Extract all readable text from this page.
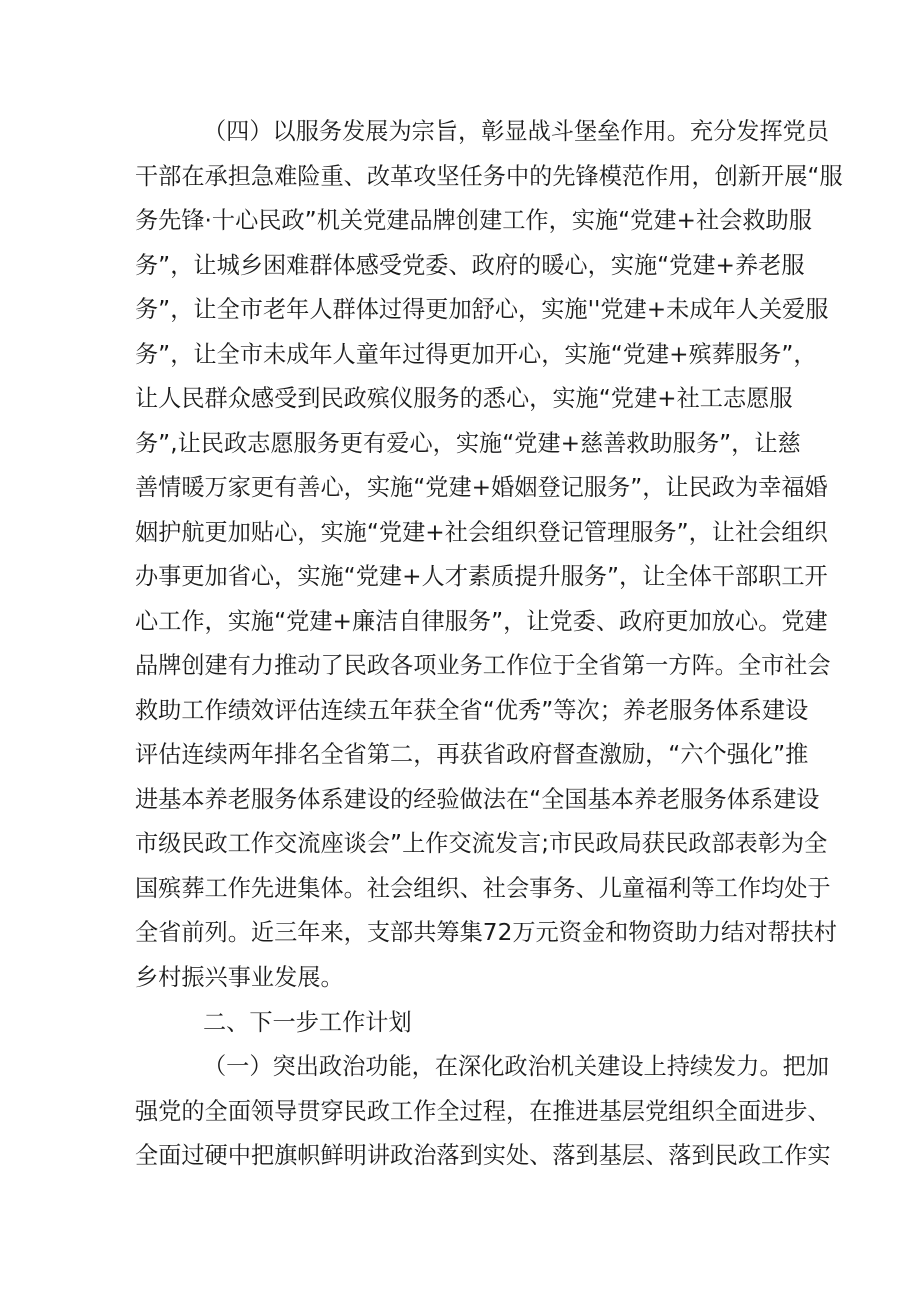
（四）以服务发展为宗旨，彰显战斗堡垒作用。充分发挥党员
干部在承担急难险重、改革攻坚任务中的先锋模范作用，创新开展“服
务先锋·十心民政”机关党建品牌创建工作，实施“党建+社会救助服
务”，让城乡困难群体感受党委、政府的暖心，实施“党建+养老服
务”，让全市老年人群体过得更加舒心，实施''党建+未成年人关爱服
务”，让全市未成年人童年过得更加开心，实施“党建+殡葬服务”，
让人民群众感受到民政殡仪服务的悉心，实施“党建+社工志愿服
务”,让民政志愿服务更有爱心，实施“党建+慈善救助服务”，让慈
善情暖万家更有善心，实施“党建+婚姻登记服务”，让民政为幸福婚
姻护航更加贴心，实施“党建+社会组织登记管理服务”，让社会组织
办事更加省心，实施“党建+人才素质提升服务”，让全体干部职工开
心工作，实施“党建+廉洁自律服务”，让党委、政府更加放心。党建
品牌创建有力推动了民政各项业务工作位于全省第一方阵。全市社会
救助工作绩效评估连续五年获全省“优秀”等次；养老服务体系建设
评估连续两年排名全省第二，再获省政府督查激励，“六个强化”推
进基本养老服务体系建设的经验做法在“全国基本养老服务体系建设
市级民政工作交流座谈会”上作交流发言;市民政局获民政部表彰为全
国殡葬工作先进集体。社会组织、社会事务、儿童福利等工作均处于
全省前列。近三年来，支部共筹集72万元资金和物资助力结对帮扶村
乡村振兴事业发展。
二、下一步工作计划
（一）突出政治功能，在深化政治机关建设上持续发力。把加
强党的全面领导贯穿民政工作全过程，在推进基层党组织全面进步、
全面过硬中把旗帜鲜明讲政治落到实处、落到基层、落到民政工作实
